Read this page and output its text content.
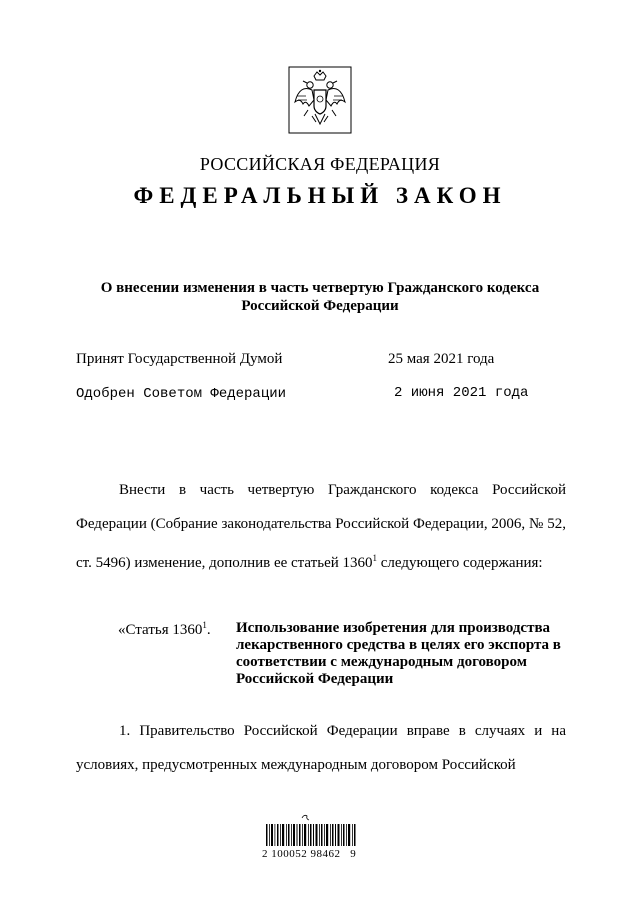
РОССИЙСКАЯ ФЕДЕРАЦИЯ
ФЕДЕРАЛЬНЫЙ ЗАКОН
О внесении изменения в часть четвертую Гражданского кодекса
Российской Федерации
Принят Государственной Думой	25 мая 2021 года
Одобрен Советом Федерации	2 июня 2021 года
Внести в часть четвертую Гражданского кодекса Российской Федерации (Собрание законодательства Российской Федерации, 2006, № 52, ст. 5496) изменение, дополнив ее статьей 1360$^1$ следующего содержания:
«Статья 1360$^1$. Использование изобретения для производства лекарственного средства в целях его экспорта в соответствии с международным договором Российской Федерации
1. Правительство Российской Федерации вправе в случаях и на условиях, предусмотренных международным договором Российской
2 100052 98462   9
